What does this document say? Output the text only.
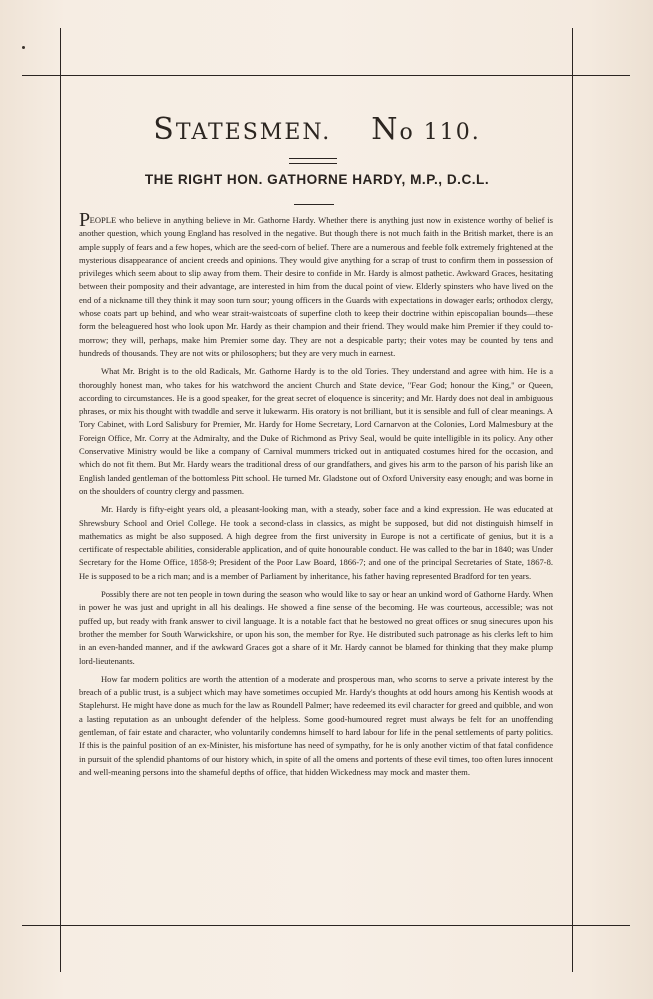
STATESMEN. No 110.
THE RIGHT HON. GATHORNE HARDY, M.P., D.C.L.

PEOPLE who believe in anything believe in Mr. Gathorne Hardy. Whether there is anything just now in existence worthy of belief is another question, which young England has resolved in the negative. But though there is not much faith in the British market, there is an ample supply of fears and a few hopes, which are the seed-corn of belief. There are a numerous and feeble folk extremely frightened at the mysterious disappearance of ancient creeds and opinions. They would give anything for a scrap of trust to confirm them in possession of privileges which seem about to slip away from them. Their desire to confide in Mr. Hardy is almost pathetic. Awkward Graces, hesitating between their pomposity and their advantage, are interested in him from the ducal point of view. Elderly spinsters who have lived on the end of a nickname till they think it may soon turn sour; young officers in the Guards with expectations in dowager earls; orthodox clergy, whose coats part up behind, and who wear strait-waistcoats of superfine cloth to keep their doctrine within episcopalian bounds—these form the beleaguered host who look upon Mr. Hardy as their champion and their friend. They would make him Premier if they could to-morrow; they will, perhaps, make him Premier some day. They are not a despicable party; their votes may be counted by tens and hundreds of thousands. They are not wits or philosophers; but they are very much in earnest.

What Mr. Bright is to the old Radicals, Mr. Gathorne Hardy is to the old Tories. They understand and agree with him. He is a thoroughly honest man, who takes for his watchword the ancient Church and State device, "Fear God; honour the King," or Queen, according to circumstances. He is a good speaker, for the great secret of eloquence is sincerity; and Mr. Hardy does not deal in ambiguous phrases, or mix his thought with twaddle and serve it lukewarm. His oratory is not brilliant, but it is sensible and full of clear meanings. A Tory Cabinet, with Lord Salisbury for Premier, Mr. Hardy for Home Secretary, Lord Carnarvon at the Colonies, Lord Malmesbury at the Foreign Office, Mr. Corry at the Admiralty, and the Duke of Richmond as Privy Seal, would be quite intelligible in its policy. Any other Conservative Ministry would be like a company of Carnival mummers tricked out in antiquated costumes hired for the occasion, and which do not fit them. But Mr. Hardy wears the traditional dress of our grandfathers, and gives his arm to the parson of his parish like an English landed gentleman of the bottomless Pitt school. He turned Mr. Gladstone out of Oxford University easy enough; and was borne in on the shoulders of country clergy and passmen.

Mr. Hardy is fifty-eight years old, a pleasant-looking man, with a steady, sober face and a kind expression. He was educated at Shrewsbury School and Oriel College. He took a second-class in classics, as might be supposed, but did not distinguish himself in mathematics as might be also supposed. A high degree from the first university in Europe is not a certificate of genius, but it is a certificate of respectable abilities, considerable application, and of quite honourable conduct. He was called to the bar in 1840; was Under Secretary for the Home Office, 1858-9; President of the Poor Law Board, 1866-7; and one of the principal Secretaries of State, 1867-8. He is supposed to be a rich man; and is a member of Parliament by inheritance, his father having represented Bradford for ten years.

Possibly there are not ten people in town during the season who would like to say or hear an unkind word of Gathorne Hardy. When in power he was just and upright in all his dealings. He showed a fine sense of the becoming. He was courteous, accessible; was not puffed up, but ready with frank answer to civil language. It is a notable fact that he bestowed no great offices or snug sinecures upon his brother the member for South Warwickshire, or upon his son, the member for Rye. He distributed such patronage as his clerks left to him in an even-handed manner, and if the awkward Graces got a share of it Mr. Hardy cannot be blamed for thinking that they make plump lord-lieutenants.

How far modern politics are worth the attention of a moderate and prosperous man, who scorns to serve a private interest by the breach of a public trust, is a subject which may have sometimes occupied Mr. Hardy's thoughts at odd hours among his Kentish woods at Staplehurst. He might have done as much for the law as Roundell Palmer; have redeemed its evil character for greed and quibble, and won a lasting reputation as an unbought defender of the helpless. Some good-humoured regret must always be felt for an unoffending gentleman, of fair estate and character, who voluntarily condemns himself to hard labour for life in the penal settlements of party politics. If this is the painful position of an ex-Minister, his misfortune has need of sympathy, for he is only another victim of that fatal confidence in pursuit of the splendid phantoms of our history which, in spite of all the omens and portents of these evil times, too often lures innocent and well-meaning persons into the shameful depths of office, that hidden Wickedness may mock and master them.
